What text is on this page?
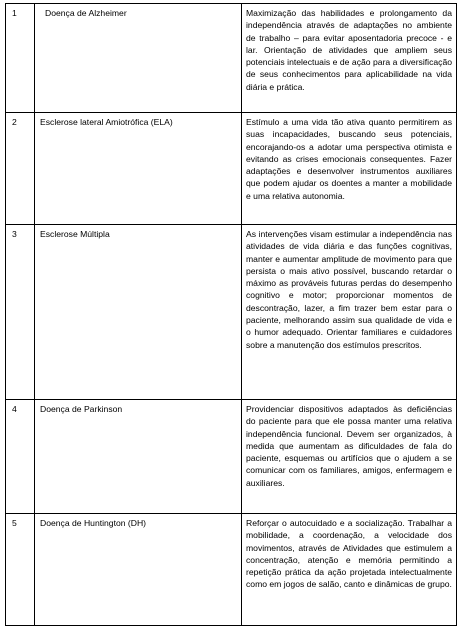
1	Doença de Alzheimer	Maximização das habilidades e prolongamento da independência através de adaptações no ambiente de trabalho – para evitar aposentadoria precoce - e lar. Orientação de atividades que ampliem seus potenciais intelectuais e de ação para a diversificação de seus conhecimentos para aplicabilidade na vida diária e prática.
2	Esclerose lateral Amiotrófica (ELA)	Estímulo a uma vida tão ativa quanto permitirem as suas incapacidades, buscando seus potenciais, encorajando-os a adotar uma perspectiva otimista e evitando as crises emocionais consequentes. Fazer adaptações e desenvolver instrumentos auxiliares que podem ajudar os doentes a manter a mobilidade e uma relativa autonomia.
3	Esclerose Múltipla	As intervenções visam estimular a independência nas atividades de vida diária e das funções cognitivas, manter e aumentar amplitude de movimento para que persista o mais ativo possível, buscando retardar o máximo as prováveis futuras perdas do desempenho cognitivo e motor; proporcionar momentos de descontração, lazer, a fim trazer bem estar para o paciente, melhorando assim sua qualidade de vida e o humor adequado. Orientar familiares e cuidadores sobre a manutenção dos estímulos prescritos.
4	Doença de Parkinson	Providenciar dispositivos adaptados às deficiências do paciente para que ele possa manter uma relativa independência funcional. Devem ser organizados, à medida que aumentam as dificuldades de fala do paciente, esquemas ou artifícios que o ajudem a se comunicar com os familiares, amigos, enfermagem e auxiliares.
5	Doença de Huntington (DH)	Reforçar o autocuidado e a socialização. Trabalhar a mobilidade, a coordenação, a velocidade dos movimentos, através de Atividades que estimulem a concentração, atenção e memória permitindo a repetição prática da ação projetada intelectualmente como em jogos de salão, canto e dinâmicas de grupo.
